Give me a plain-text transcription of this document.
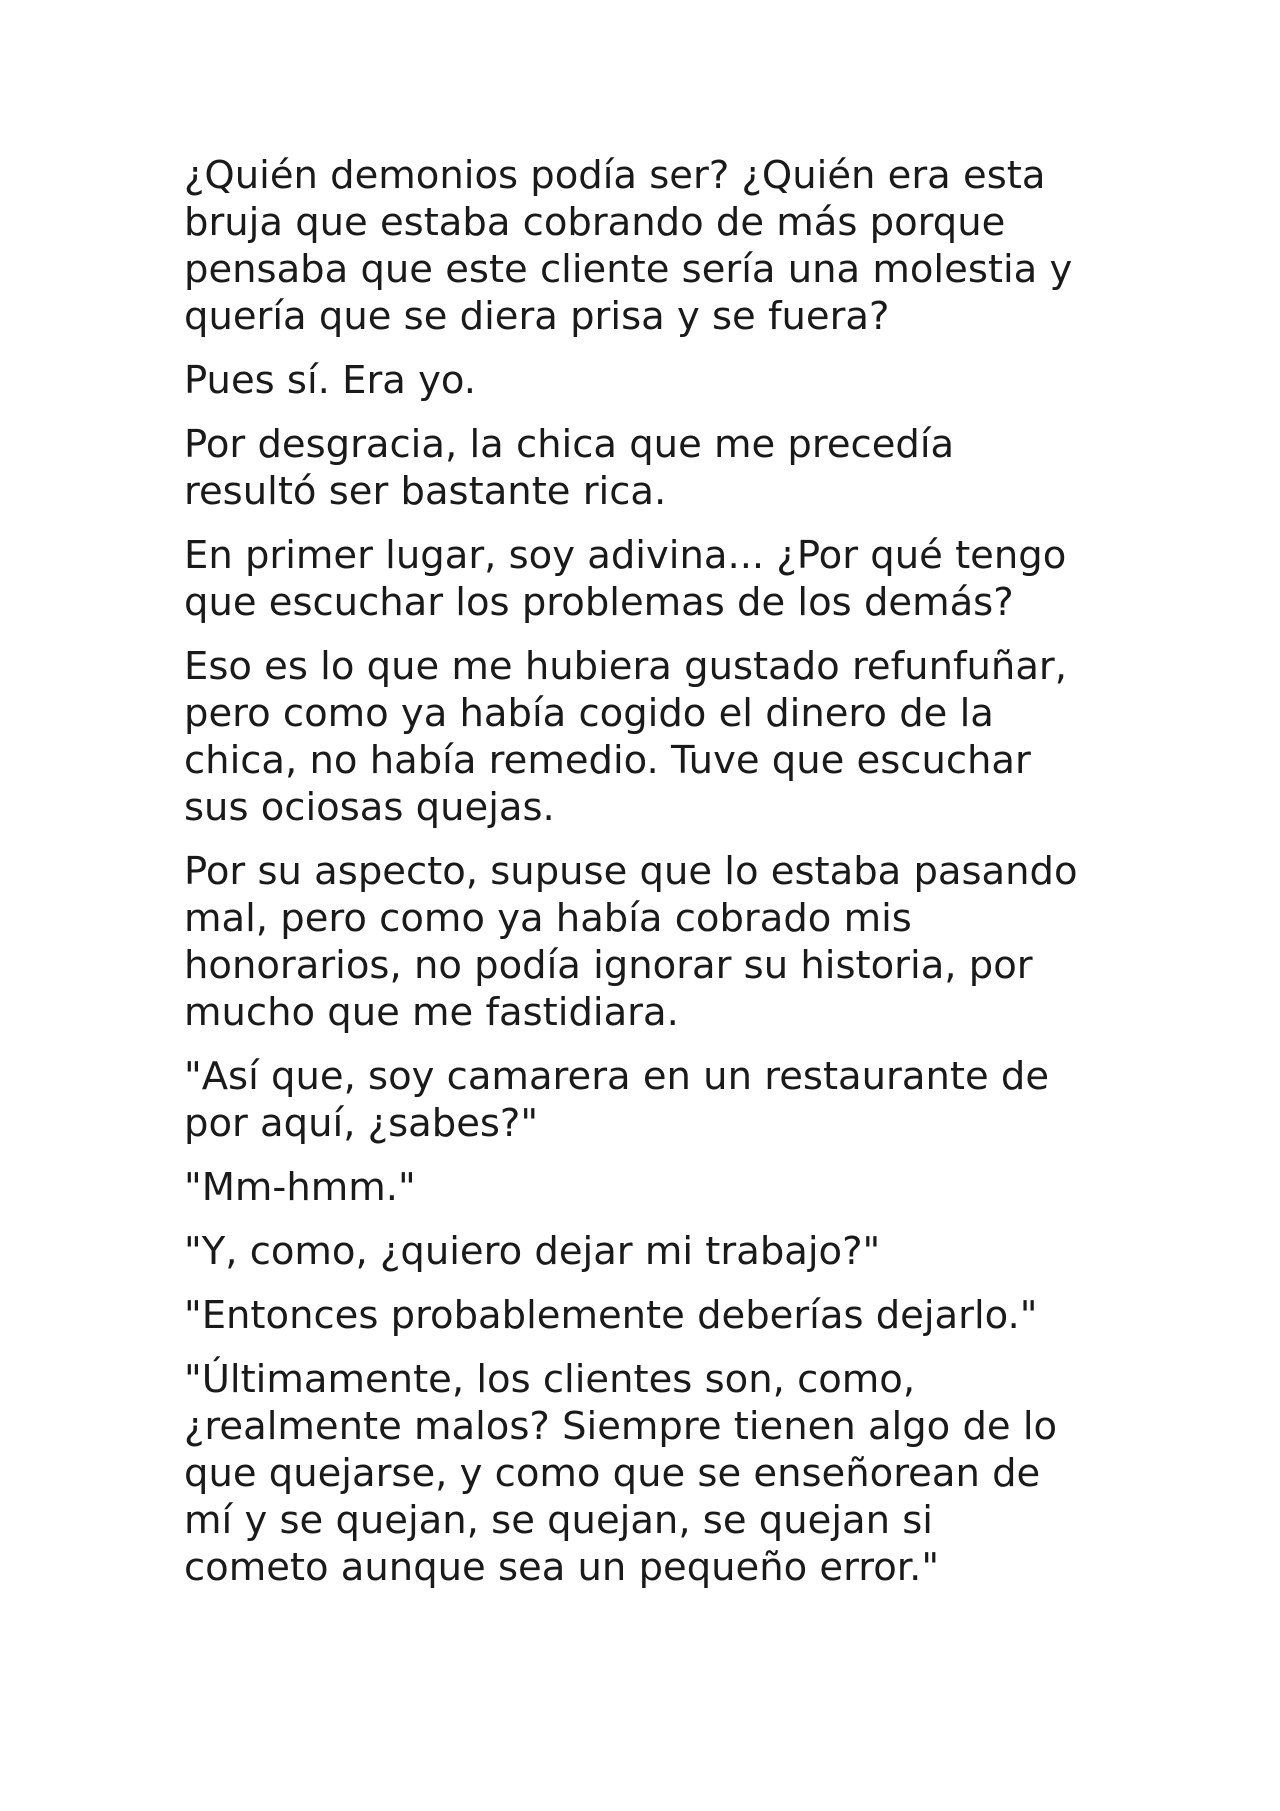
¿Quién demonios podía ser? ¿Quién era esta
bruja que estaba cobrando de más porque
pensaba que este cliente sería una molestia y
quería que se diera prisa y se fuera?

Pues sí. Era yo.

Por desgracia, la chica que me precedía
resultó ser bastante rica.

En primer lugar, soy adivina... ¿Por qué tengo
que escuchar los problemas de los demás?

Eso es lo que me hubiera gustado refunfuñar,
pero como ya había cogido el dinero de la
chica, no había remedio. Tuve que escuchar
sus ociosas quejas.

Por su aspecto, supuse que lo estaba pasando
mal, pero como ya había cobrado mis
honorarios, no podía ignorar su historia, por
mucho que me fastidiara.

"Así que, soy camarera en un restaurante de
por aquí, ¿sabes?"

"Mm-hmm."

"Y, como, ¿quiero dejar mi trabajo?"

"Entonces probablemente deberías dejarlo."

"Últimamente, los clientes son, como,
¿realmente malos? Siempre tienen algo de lo
que quejarse, y como que se enseñorean de
mí y se quejan, se quejan, se quejan si
cometo aunque sea un pequeño error."
